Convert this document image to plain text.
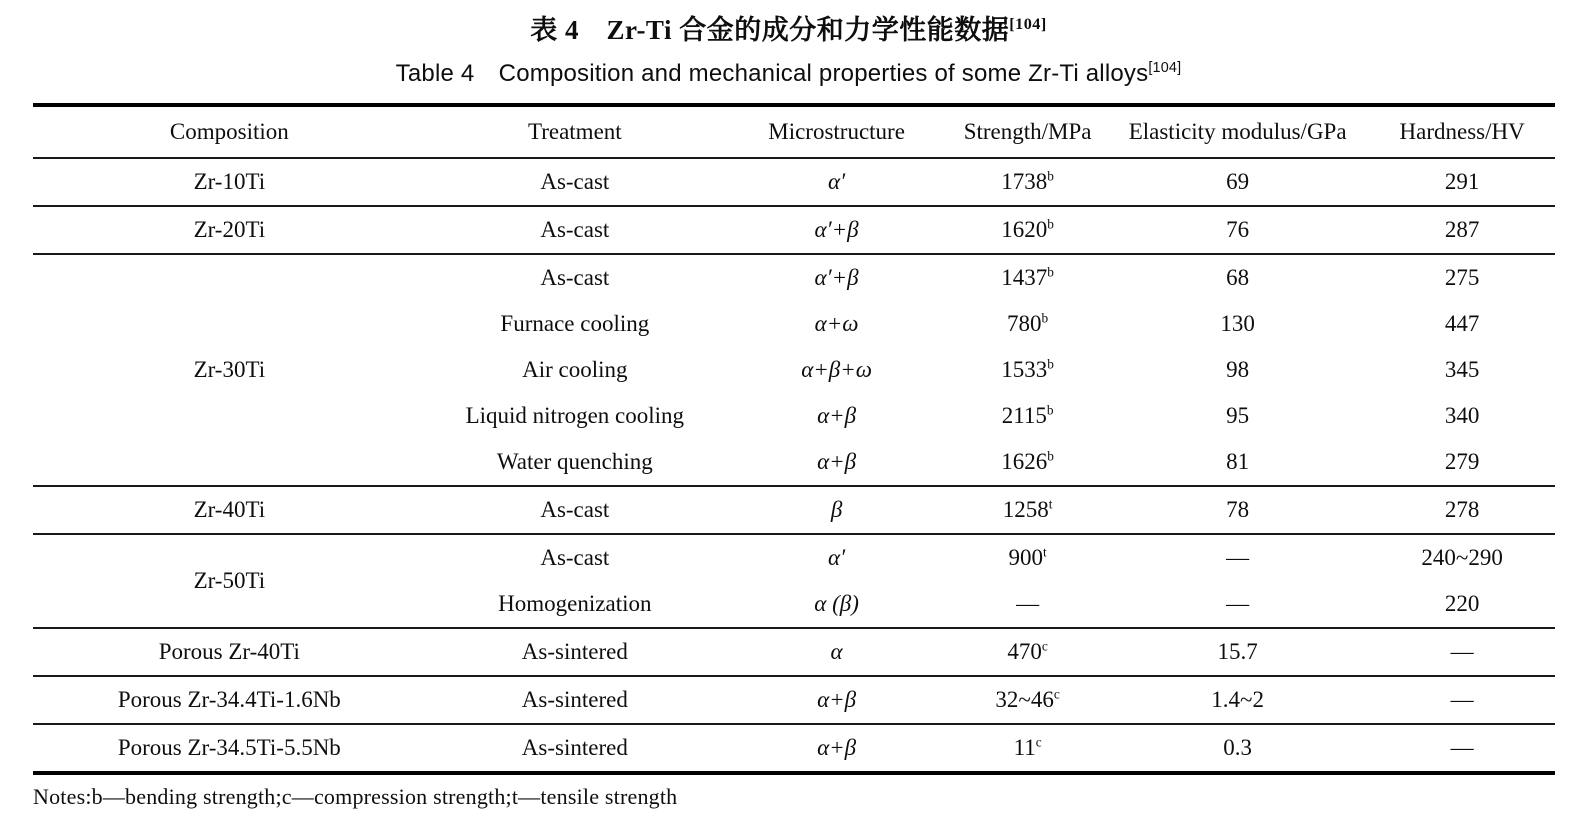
表 4  Zr-Ti 合金的成分和力学性能数据[104]
Table 4  Composition and mechanical properties of some Zr-Ti alloys[104]
Composition	Treatment	Microstructure	Strength/MPa	Elasticity modulus/GPa	Hardness/HV
Zr-10Ti	As-cast	α′	1738$^b$	69	291
Zr-20Ti	As-cast	α′+β	1620$^b$	76	287
Zr-30Ti	As-cast	α′+β	1437$^b$	68	275
	Furnace cooling	α+ω	780$^b$	130	447
	Air cooling	α+β+ω	1533$^b$	98	345
	Liquid nitrogen cooling	α+β	2115$^b$	95	340
	Water quenching	α+β	1626$^b$	81	279
Zr-40Ti	As-cast	β	1258$^t$	78	278
Zr-50Ti	As-cast	α′	900$^t$	—	240~290
	Homogenization	α (β)	—	—	220
Porous Zr-40Ti	As-sintered	α	470$^c$	15.7	—
Porous Zr-34.4Ti-1.6Nb	As-sintered	α+β	32~46$^c$	1.4~2	—
Porous Zr-34.5Ti-5.5Nb	As-sintered	α+β	11$^c$	0.3	—
Notes:b—bending strength;c—compression strength;t—tensile strength
